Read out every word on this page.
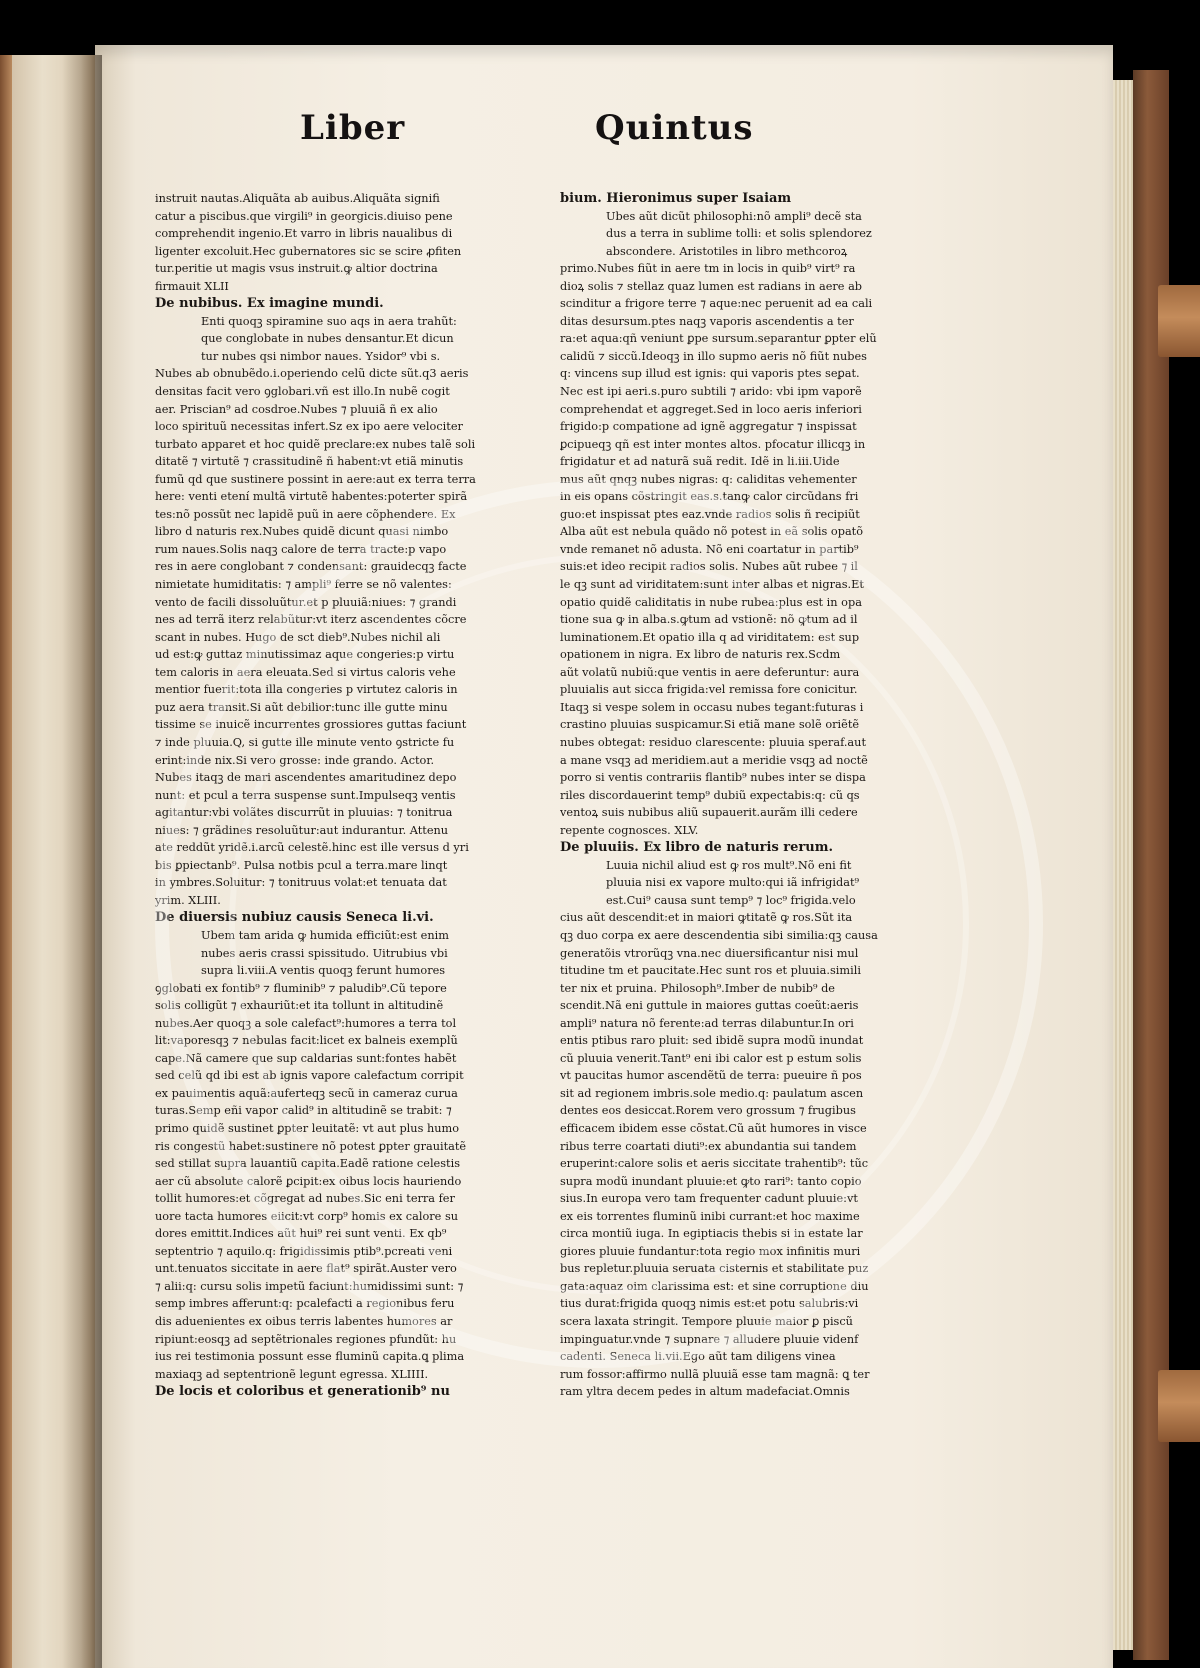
Liber	Quintus
instruit nautas.Aliquãta ab auibus.Aliquãta signifi
catur a piscibus.que virgili⁹ in georgicis.diuiso pene
comprehendit ingenio.Et varro in libris naualibus di
ligenter excoluit.Hec gubernatores sic se scire ꝓfiten
tur.peritie ut magis vsus instruit.ꝙ altior doctrina
firmauit XLII
De nubibus. Ex imagine mundi.
Enti quoqꝫ spiramine suo aqs in aera trahũt:
que conglobate in nubes densantur.Et dicun
tur nubes qsi nimbor naues. Ysidor⁹ vbi s.
Nubes ab obnubẽdo.i.operiendo celũ dicte sũt.q3 aeris
densitas facit vero ꝯglobari.vñ est illo.In nubẽ cogit
aer. Priscian⁹ ad cosdroe.Nubes ⁊ pluuiã ñ ex alio
loco spirituũ necessitas infert.Sz ex ipo aere velociter
turbato apparet et hoc quidẽ preclare:ex nubes talẽ soli
ditatẽ ⁊ virtutẽ ⁊ crassitudinẽ ñ habent:vt etiã minutis
fumũ qd que sustinere possint in aere:aut ex terra terra
here: venti etení multã virtutẽ habentes:poterter spirã
tes:nõ possũt nec lapidẽ puũ in aere cõphendere. Ex
libro d naturis rex.Nubes quidẽ dicunt quasi nimbo
rum naues.Solis naqꝫ calore de terra tracte:p vapo
res in aere conglobant ⁊ condensant: grauidecqꝫ facte
nimietate humiditatis: ⁊ ampli⁹ ferre se nõ valentes:
vento de facili dissoluũtur.et p pluuiã:niues: ⁊ grandi
nes ad terrã iterz relabũtur:vt iterz ascendentes cõcre
scant in nubes. Hugo de sct dieb⁹.Nubes nichil ali
ud est:ꝙ guttaz minutissimaz aque congeries:p virtu
tem caloris in aera eleuata.Sed si virtus caloris vehe
mentior fuerit:tota illa congeries p virtutez caloris in
puz aera transit.Si aũt debilior:tunc ille gutte minu
tissime se inuicẽ incurrentes grossiores guttas faciunt
⁊ inde pluuia.Q, si gutte ille minute vento ꝯstricte fu
erint:inde nix.Si vero grosse: inde grando. Actor.
Nubes itaqꝫ de mari ascendentes amaritudinez depo
nunt: et pcul a terra suspense sunt.Impulseqꝫ ventis
agitantur:vbi volãtes discurrũt in pluuias: ⁊ tonitrua
niues: ⁊ grãdines resoluũtur:aut indurantur. Attenu
ate reddũt yridẽ.i.arcũ celestẽ.hinc est ille versus d yri
bis ꝑpiectanb⁹. Pulsa notbis pcul a terra.mare linqt
in ymbres.Soluitur: ⁊ tonitruus volat:et tenuata dat
yrim. XLIII.
De diuersis nubiuz causis Seneca li.vi.
Ubem tam arida ꝙ humida efficiũt:est enim
nubes aeris crassi spissitudo. Uitrubius vbi
supra li.viii.A ventis quoqꝫ ferunt humores
ꝯglobati ex fontib⁹ ⁊ fluminib⁹ ⁊ paludib⁹.Cũ tepore
solis colligũt ⁊ exhauriũt:et ita tollunt in altitudinẽ
nubes.Aer quoqꝫ a sole calefact⁹:humores a terra tol
lit:vaporesqꝫ ⁊ nebulas facit:licet ex balneis exemplũ
cape.Nã camere que sup caldarias sunt:fontes habẽt
sed celũ qd ibi est ab ignis vapore calefactum corripit
ex pauimentis aquã:auferteqꝫ secũ in cameraz curua
turas.Semp eñi vapor calid⁹ in altitudinẽ se trabit: ⁊
primo quidẽ sustinet ꝑpter leuitatẽ: vt aut plus humo
ris congestũ habet:sustinere nõ potest ꝑpter grauitatẽ
sed stillat supra lauantiũ capita.Eadẽ ratione celestis
aer cũ absolute calorẽ ꝑcipit:ex oibus locis hauriendo
tollit humores:et cõgregat ad nubes.Sic eni terra fer
uore tacta humores eiicit:vt corp⁹ homis ex calore su
dores emittit.Indices aũt hui⁹ rei sunt venti. Ex qb⁹
septentrio ⁊ aquilo.q: frigidissimis ptib⁹.pcreati veni
unt.tenuatos siccitate in aere flat⁹ spirãt.Auster vero
⁊ alii:q: cursu solis impetũ faciunt:humidissimi sunt: ⁊
semp imbres afferunt:q: pcalefacti a regionibus feru
dis aduenientes ex oibus terris labentes humores ar
ripiunt:eosqꝫ ad septẽtrionales regiones pfundũt: hu
ius rei testimonia possunt esse fluminũ capita.ꝗ plima
maxiaqꝫ ad septentrionẽ legunt egressa. XLIIII.
De locis et coloribus et generationib⁹ nu
bium. Hieronimus super Isaiam
Ubes aũt dicũt philosophi:nõ ampli⁹ decẽ sta
dus a terra in sublime tolli: et solis splendorez
abscondere. Aristotiles in libro methcoroꝝ
primo.Nubes fiũt in aere tm in locis in quib⁹ virt⁹ ra
dioꝝ solis ⁊ stellaz quaz lumen est radians in aere ab
scinditur a frigore terre ⁊ aque:nec peruenit ad ea cali
ditas desursum.ptes naqꝫ vaporis ascendentis a ter
ra:et aqua:qñ veniunt ꝑpe sursum.separantur ꝑpter elũ
calidũ ⁊ siccũ.Ideoqꝫ in illo supmo aeris nõ fiũt nubes
q: vincens sup illud est ignis: qui vaporis ptes seꝑat.
Nec est ipi aeri.s.puro subtili ⁊ arido: vbi ipm vaporẽ
comprehendat et aggreget.Sed in loco aeris inferiori
frigido:p compatione ad ignẽ aggregatur ⁊ inspissat
ꝑcipueqꝫ qñ est inter montes altos. pfocatur illicqꝫ in
frigidatur et ad naturã suã redit. Idẽ in li.iii.Uide
mus aũt qnqꝫ nubes nigras: q: caliditas vehementer
in eis opans cõstringit eas.s.tanꝙ calor circũdans fri
guo:et inspissat ptes eaz.vnde radios solis ñ recipiũt
Alba aũt est nebula quãdo nõ potest in eã solis opatõ
vnde remanet nõ adusta. Nõ eni coartatur in partib⁹
suis:et ideo recipit radios solis. Nubes aũt rubee ⁊ il
le qꝫ sunt ad viriditatem:sunt inter albas et nigras.Et
opatio quidẽ caliditatis in nube rubea:plus est in opa
tione sua ꝙ in alba.s.ꝙtum ad vstionẽ: nõ ꝙtum ad il
luminationem.Et opatio illa q ad viriditatem: est sup
opationem in nigra. Ex libro de naturis rex.Scdm
aũt volatũ nubiũ:que ventis in aere deferuntur: aura
pluuialis aut sicca frigida:vel remissa fore conicitur.
Itaqꝫ si vespe solem in occasu nubes tegant:futuras i
crastino pluuias suspicamur.Si etiã mane solẽ oriẽtẽ
nubes obtegat: residuo clarescente: pluuia speraf.aut
a mane vsqꝫ ad meridiem.aut a meridie vsqꝫ ad noctẽ
porro si ventis contrariis flantib⁹ nubes inter se dispa
riles discordauerint temp⁹ dubiũ expectabis:q: cũ qs
ventoꝝ suis nubibus aliũ supauerit.aurãm illi cedere
repente cognosces. XLV.
De pluuiis. Ex libro de naturis rerum.
Luuia nichil aliud est ꝙ ros mult⁹.Nõ eni fit
pluuia nisi ex vapore multo:qui iã infrigidat⁹
est.Cui⁹ causa sunt temp⁹ ⁊ loc⁹ frigida.velo
cius aũt descendit:et in maiori ꝙtitatẽ ꝙ ros.Sũt ita
qꝫ duo corpa ex aere descendentia sibi similia:qꝫ causa
generatõis vtrorũqꝫ vna.nec diuersificantur nisi mul
titudine tm et paucitate.Hec sunt ros et pluuia.simili
ter nix et pruina. Philosoph⁹.Imber de nubib⁹ de
scendit.Nã eni guttule in maiores guttas coeũt:aeris
ampli⁹ natura nõ ferente:ad terras dilabuntur.In ori
entis ptibus raro pluit: sed ibidẽ supra modũ inundat
cũ pluuia venerit.Tant⁹ eni ibi calor est p estum solis
vt paucitas humor ascendẽtũ de terra: pueuire ñ pos
sit ad regionem imbris.sole medio.q: paulatum ascen
dentes eos desiccat.Rorem vero grossum ⁊ frugibus
efficacem ibidem esse cõstat.Cũ aũt humores in visce
ribus terre coartati diuti⁹:ex abundantia sui tandem
eruperint:calore solis et aeris siccitate trahentib⁹: tũc
supra modũ inundant pluuie:et ꝙto rari⁹: tanto copio
sius.In europa vero tam frequenter cadunt pluuie:vt
ex eis torrentes fluminũ inibi currant:et hoc maxime
circa montiũ iuga. In egiptiacis thebis si in estate lar
giores pluuie fundantur:tota regio mox infinitis muri
bus repletur.pluuia seruata cisternis et stabilitate puz
gata:aquaz oim clarissima est: et sine corruptione diu
tius durat:frigida quoqꝫ nimis est:et potu salubris:vi
scera laxata stringit. Tempore pluuie maior ꝑ piscũ
impinguatur.vnde ⁊ supnare ⁊ alludere pluuie videnf
cadenti. Seneca li.vii.Ego aũt tam diligens vinea
rum fossor:affirmo nullã pluuiã esse tam magnã: ꝗ ter
ram yltra decem pedes in altum madefaciat.Omnis
